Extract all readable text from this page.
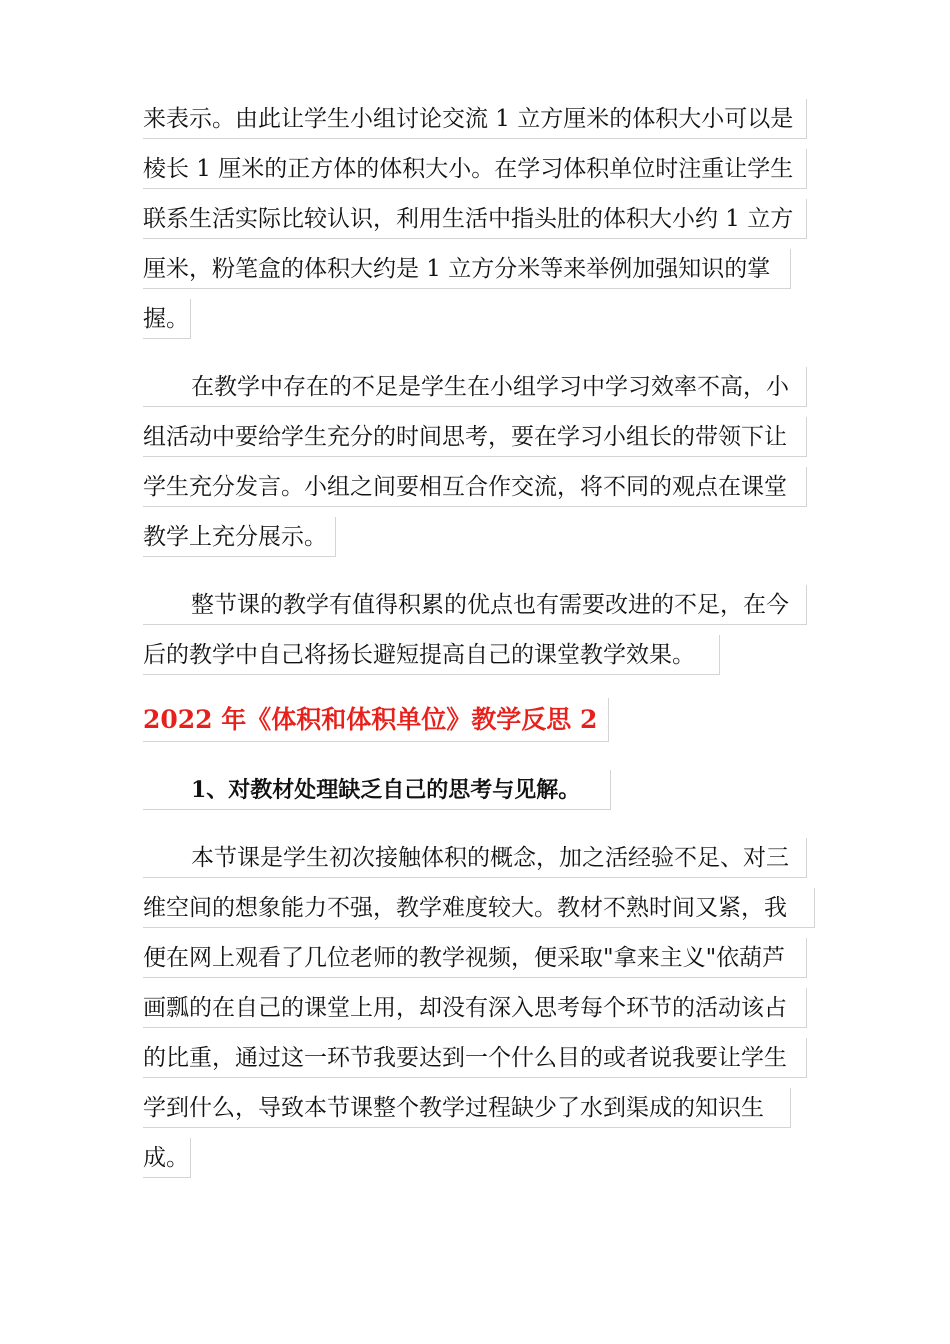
来表示。由此让学生小组讨论交流 1 立方厘米的体积大小可以是
棱长 1 厘米的正方体的体积大小。在学习体积单位时注重让学生
联系生活实际比较认识，利用生活中指头肚的体积大小约 1 立方
厘米，粉笔盒的体积大约是 1 立方分米等来举例加强知识的掌
握。
在教学中存在的不足是学生在小组学习中学习效率不高，小
组活动中要给学生充分的时间思考，要在学习小组长的带领下让
学生充分发言。小组之间要相互合作交流，将不同的观点在课堂
教学上充分展示。
整节课的教学有值得积累的优点也有需要改进的不足，在今
后的教学中自己将扬长避短提高自己的课堂教学效果。
2022 年《体积和体积单位》教学反思 2
1、对教材处理缺乏自己的思考与见解。
本节课是学生初次接触体积的概念，加之活经验不足、对三
维空间的想象能力不强，教学难度较大。教材不熟时间又紧，我
便在网上观看了几位老师的教学视频，便采取"拿来主义"依葫芦
画瓢的在自己的课堂上用，却没有深入思考每个环节的活动该占
的比重，通过这一环节我要达到一个什么目的或者说我要让学生
学到什么，导致本节课整个教学过程缺少了水到渠成的知识生
成。
